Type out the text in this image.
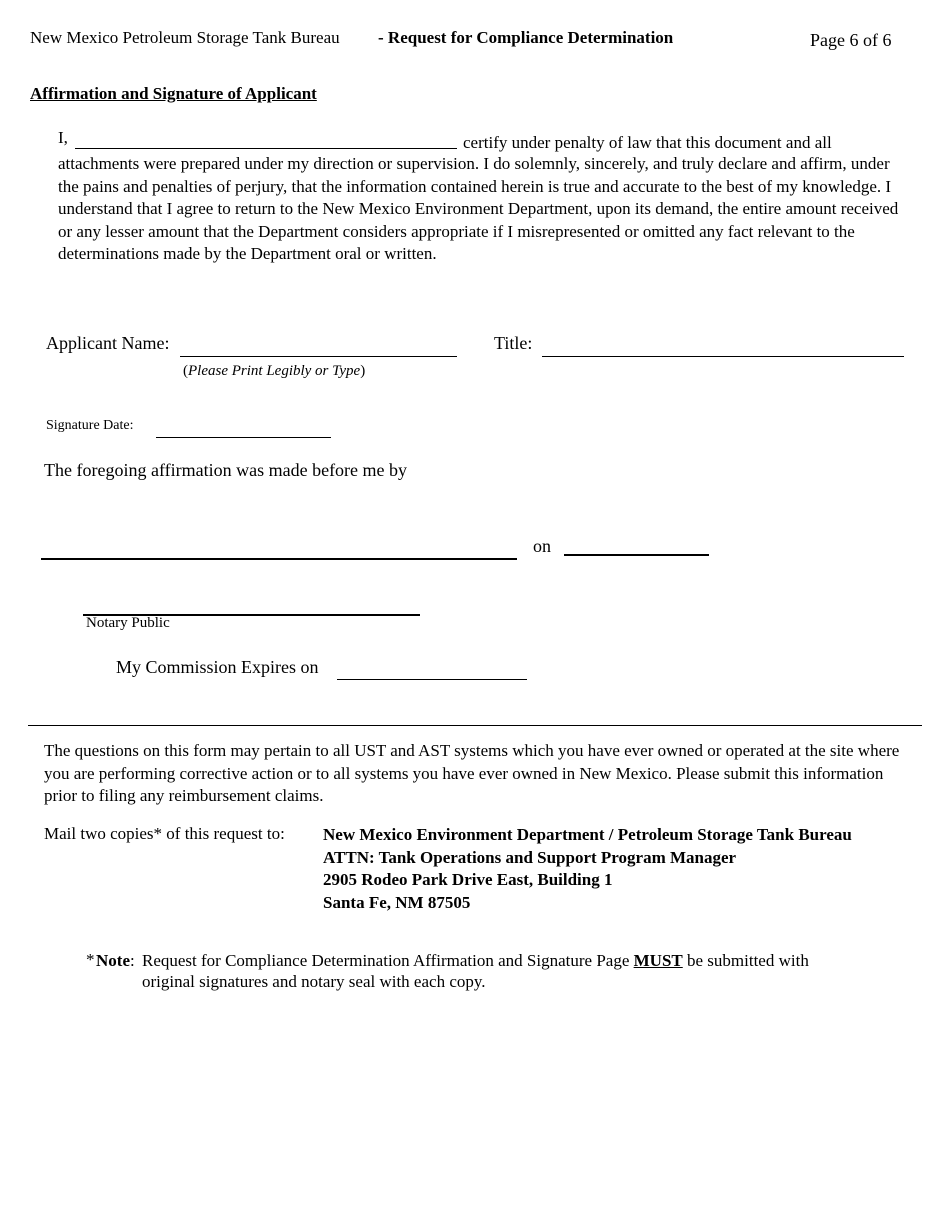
New Mexico Petroleum Storage Tank Bureau - Request for Compliance Determination	Page 6 of 6
Affirmation and Signature of Applicant
I,	certify under penalty of law that this document and all
attachments were prepared under my direction or supervision. I do solemnly, sincerely, and truly declare and affirm, under the pains and penalties of perjury, that the information contained herein is true and accurate to the best of my knowledge. I understand that I agree to return to the New Mexico Environment Department, upon its demand, the entire amount received or any lesser amount that the Department considers appropriate if I misrepresented or omitted any fact relevant to the determinations made by the Department oral or written.
Applicant Name:
(Please Print Legibly or Type)
Title:
Signature Date:
The foregoing affirmation was made before me by
on
Notary Public
My Commission Expires on
The questions on this form may pertain to all UST and AST systems which you have ever owned or operated at the site where you are performing corrective action or to all systems you have ever owned in New Mexico. Please submit this information prior to filing any reimbursement claims.
Mail two copies* of this request to: New Mexico Environment Department / Petroleum Storage Tank Bureau
ATTN: Tank Operations and Support Program Manager
2905 Rodeo Park Drive East, Building 1
Santa Fe, NM 87505
* Note: Request for Compliance Determination Affirmation and Signature Page MUST be submitted with
original signatures and notary seal with each copy.
